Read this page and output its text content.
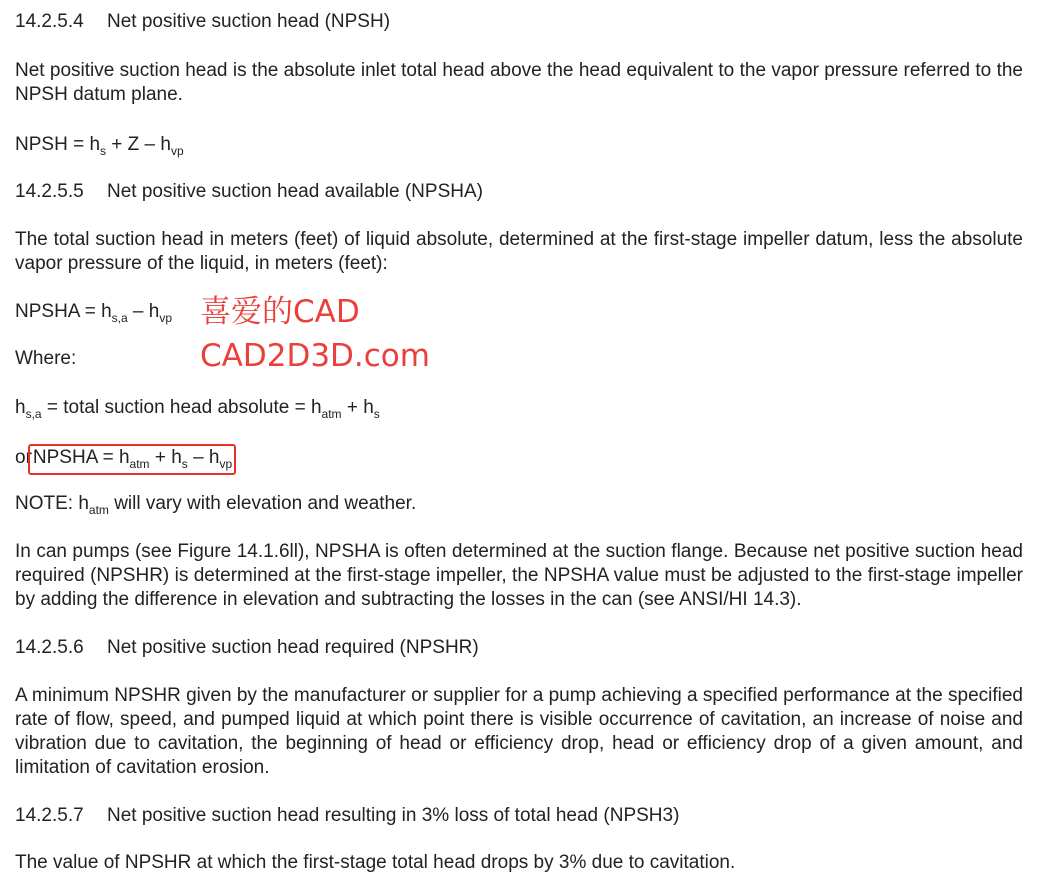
14.2.5.4 Net positive suction head (NPSH)

Net positive suction head is the absolute inlet total head above the head equivalent to the vapor pressure referred to the NPSH datum plane.

NPSH = $h_s + Z - h_{vp}$
14.2.5.5 Net positive suction head available (NPSHA)

The total suction head in meters (feet) of liquid absolute, determined at the first-stage impeller datum, less the absolute vapor pressure of the liquid, in meters (feet):

NPSHA = $h_{s,a} - h_{vp}$ 喜爱的CAD
CAD2D3D.com
Where:
$h_{s,a}$ = total suction head absolute = $h_{atm} + h_s$
orNPSHA = $h_{atm} + h_s - h_{vp}$
NOTE: $h_{atm}$ will vary with elevation and weather.

In can pumps (see Figure 14.1.6ll), NPSHA is often determined at the suction flange. Because net positive suction head required (NPSHR) is determined at the first-stage impeller, the NPSHA value must be adjusted to the first-stage impeller by adding the difference in elevation and subtracting the losses in the can (see ANSI/HI 14.3).

14.2.5.6 Net positive suction head required (NPSHR)

A minimum NPSHR given by the manufacturer or supplier for a pump achieving a specified performance at the specified rate of flow, speed, and pumped liquid at which point there is visible occurrence of cavitation, an increase of noise and vibration due to cavitation, the beginning of head or efficiency drop, head or efficiency drop of a given amount, and limitation of cavitation erosion.

14.2.5.7 Net positive suction head resulting in 3% loss of total head (NPSH3)

The value of NPSHR at which the first-stage total head drops by 3% due to cavitation.
